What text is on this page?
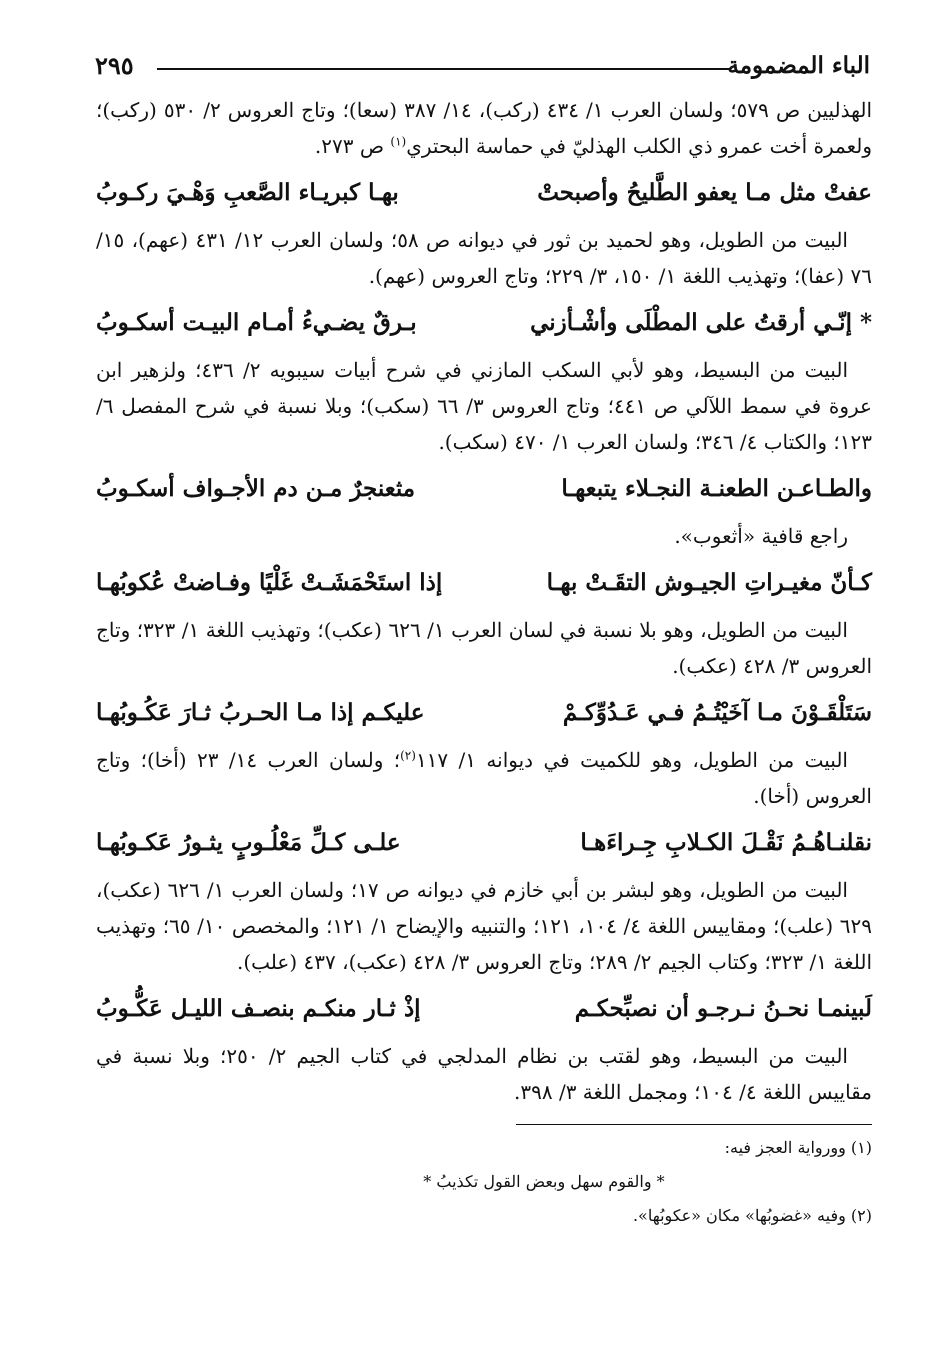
الباء المضمومة
٢٩٥

الهذليين ص ٥٧٩؛ ولسان العرب ١/ ٤٣٤ (ركب)، ١٤/ ٣٨٧ (سعا)؛ وتاج العروس ٢/ ٥٣٠ (ركب)؛ ولعمرة أخت عمرو ذي الكلب الهذليّ في حماسة البحتري$^{(١)}$ ص ٢٧٣.

عفتْ مثل مـا يعفو الطَّليحُ وأصبحتْ
بهـا كبريـاء الصَّعبِ وَهْـيَ ركـوبُ

البيت من الطويل، وهو لحميد بن ثور في ديوانه ص ٥٨؛ ولسان العرب ١٢/ ٤٣١ (عهم)، ١٥/ ٧٦ (عفا)؛ وتهذيب اللغة ١/ ١٥٠، ٣/ ٢٢٩؛ وتاج العروس (عهم).

* إنّـي أرقتُ على المطْلَى وأشْـأزني
بـرقٌ يضـيءُ أمـام البيـت أسكـوبُ

البيت من البسيط، وهو لأبي السكب المازني في شرح أبيات سيبويه ٢/ ٤٣٦؛ ولزهير ابن عروة في سمط اللآلي ص ٤٤١؛ وتاج العروس ٣/ ٦٦ (سكب)؛ وبلا نسبة في شرح المفصل ٦/ ١٢٣؛ والكتاب ٤/ ٣٤٦؛ ولسان العرب ١/ ٤٧٠ (سكب).

والطـاعـن الطعنـة النجـلاء يتبعهـا
مثعنجرٌ مـن دم الأجـواف أسكـوبُ

راجع قافية «أثعوب».

كـأنّ مغيـراتِ الجيـوش التقَـتْ بهـا
إذا استَحْمَشَـتْ غَلْيًا وفـاضتْ عُكوبُهـا

البيت من الطويل، وهو بلا نسبة في لسان العرب ١/ ٦٢٦ (عكب)؛ وتهذيب اللغة ١/ ٣٢٣؛ وتاج العروس ٣/ ٤٢٨ (عكب).

سَتَلْقَـوْنَ مـا آخَيْتُـمُ فـي عَـدُوِّكـمْ
عليكـم إذا مـا الحـربُ ثـارَ عَكُـوبُهـا

البيت من الطويل، وهو للكميت في ديوانه ١/ ١١٧$^{(٢)}$؛ ولسان العرب ١٤/ ٢٣ (أخا)؛ وتاج العروس (أخا).

نقلنـاهُـمُ نَقْـلَ الكـلابِ جِـراءَهـا
علـى كـلِّ مَعْلُـوبٍ يثـورُ عَكـوبُهـا

البيت من الطويل، وهو لبشر بن أبي خازم في ديوانه ص ١٧؛ ولسان العرب ١/ ٦٢٦ (عكب)، ٦٢٩ (علب)؛ ومقاييس اللغة ٤/ ١٠٤، ١٢١؛ والتنبيه والإيضاح ١/ ١٢١؛ والمخصص ١٠/ ٦٥؛ وتهذيب اللغة ١/ ٣٢٣؛ وكتاب الجيم ٢/ ٢٨٩؛ وتاج العروس ٣/ ٤٢٨ (عكب)، ٤٣٧ (علب).

لَبينمـا نحـنُ نـرجـو أن نصبِّحكـم
إذْ ثـار منكـم بنصـف الليـل عَكُّـوبُ

البيت من البسيط، وهو لقتب بن نظام المدلجي في كتاب الجيم ٢/ ٢٥٠؛ وبلا نسبة في مقاييس اللغة ٤/ ١٠٤؛ ومجمل اللغة ٣/ ٣٩٨.

(١) وورواية العجز فيه:
* والقوم سهل وبعض القول تكذيبُ *
(٢) وفيه «غضوبُها» مكان «عكوبُها».
